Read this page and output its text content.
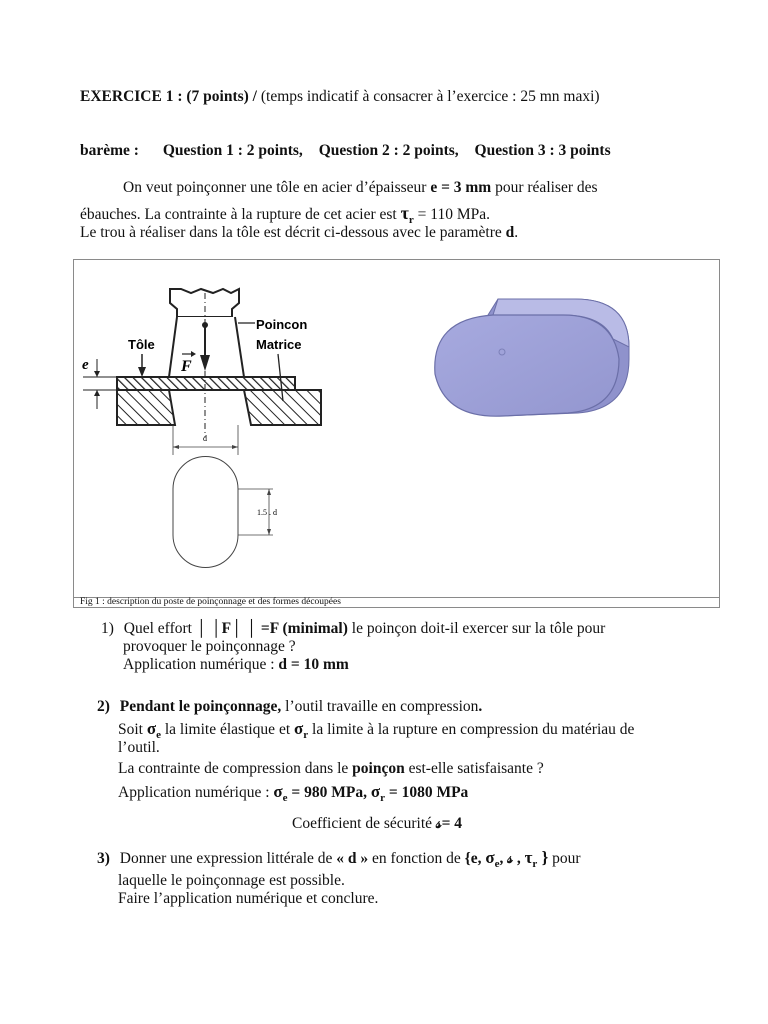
EXERCICE 1 : (7 points) / (temps indicatif à consacrer à l’exercice : 25 mn maxi)
barème : Question 1 : 2 points, Question 2 : 2 points, Question 3 : 3 points
On veut poinçonner une tôle en acier d’épaisseur e = 3 mm pour réaliser des
ébauches. La contrainte à la rupture de cet acier est $\tau_r = 110$ MPa.
Le trou à réaliser dans la tôle est décrit ci-dessous avec le paramètre d.
Fig 1 : description du poste de poinçonnage et des formes découpées
F
Poincon
Matrice
Tôle
e
d
1.5 . d
1) Quel effort │ │F│ │ =F (minimal) le poinçon doit-il exercer sur la tôle pour
provoquer le poinçonnage ?
Application numérique : d = 10 mm
2) Pendant le poinçonnage, l’outil travaille en compression.
Soit $\sigma_e$ la limite élastique et $\sigma_r$ la limite à la rupture en compression du matériau de
l’outil.
La contrainte de compression dans le poinçon est-elle satisfaisante ?
Application numérique : $\sigma_e = 980$ MPa, $\sigma_r = 1080$ MPa
Coefficient de sécurité 𝓈= 4
3) Donner une expression littérale de « d » en fonction de {e, $\sigma_e$, 𝓈 , $\tau_r$ } pour
laquelle le poinçonnage est possible.
Faire l’application numérique et conclure.
